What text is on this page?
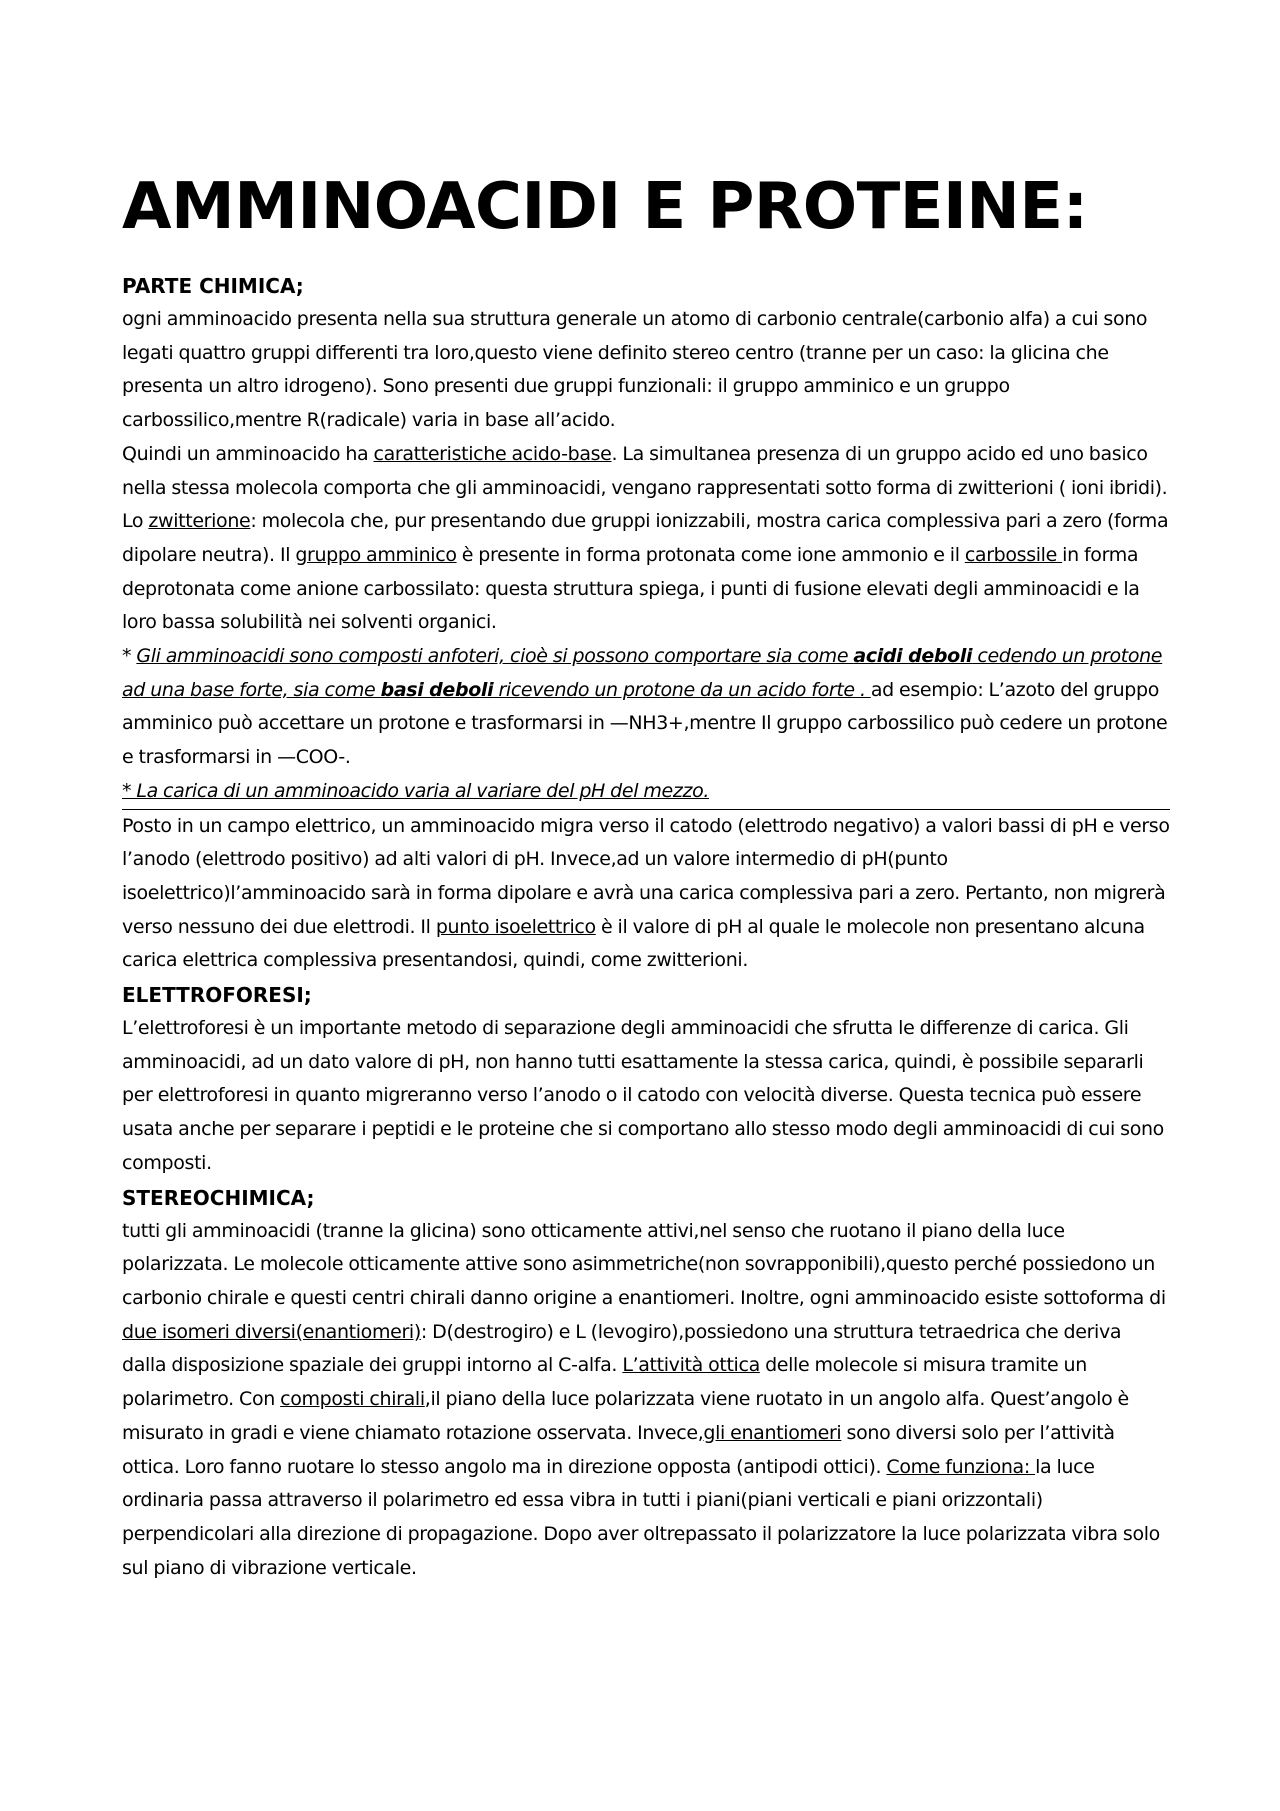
AMMINOACIDI E PROTEINE:
PARTE CHIMICA;

ogni amminoacido presenta nella sua struttura generale un atomo di carbonio centrale(carbonio alfa) a cui sono legati quattro gruppi differenti tra loro,questo viene definito stereo centro (tranne per un caso: la glicina che presenta un altro idrogeno). Sono presenti due gruppi funzionali: il gruppo amminico e un gruppo carbossilico,mentre R(radicale) varia in base all’acido.

Quindi un amminoacido ha caratteristiche acido-base. La simultanea presenza di un gruppo acido ed uno basico nella stessa molecola comporta che gli amminoacidi, vengano rappresentati sotto forma di zwitterioni ( ioni ibridi). Lo zwitterione: molecola che, pur presentando due gruppi ionizzabili, mostra carica complessiva pari a zero (forma dipolare neutra). Il gruppo amminico è presente in forma protonata come ione ammonio e il carbossile in forma deprotonata come anione carbossilato: questa struttura spiega, i punti di fusione elevati degli amminoacidi e la loro bassa solubilità nei solventi organici.

* Gli amminoacidi sono composti anfoteri, cioè si possono comportare sia come acidi deboli cedendo un protone ad una base forte, sia come basi deboli ricevendo un protone da un acido forte . ad esempio: L’azoto del gruppo amminico può accettare un protone e trasformarsi in —NH3+,mentre Il gruppo carbossilico può cedere un protone e trasformarsi in —COO-.

* La carica di un amminoacido varia al variare del pH del mezzo.

Posto in un campo elettrico, un amminoacido migra verso il catodo (elettrodo negativo) a valori bassi di pH e verso l’anodo (elettrodo positivo) ad alti valori di pH. Invece,ad un valore intermedio di pH(punto isoelettrico)l’amminoacido sarà in forma dipolare e avrà una carica complessiva pari a zero. Pertanto, non migrerà verso nessuno dei due elettrodi. Il punto isoelettrico è il valore di pH al quale le molecole non presentano alcuna carica elettrica complessiva presentandosi, quindi, come zwitterioni.

ELETTROFORESI;

L’elettroforesi è un importante metodo di separazione degli amminoacidi che sfrutta le differenze di carica. Gli amminoacidi, ad un dato valore di pH, non hanno tutti esattamente la stessa carica, quindi, è possibile separarli per elettroforesi in quanto migreranno verso l’anodo o il catodo con velocità diverse. Questa tecnica può essere usata anche per separare i peptidi e le proteine che si comportano allo stesso modo degli amminoacidi di cui sono composti.

STEREOCHIMICA;

tutti gli amminoacidi (tranne la glicina) sono otticamente attivi,nel senso che ruotano il piano della luce polarizzata. Le molecole otticamente attive sono asimmetriche(non sovrapponibili),questo perché possiedono un carbonio chirale e questi centri chirali danno origine a enantiomeri. Inoltre, ogni amminoacido esiste sottoforma di due isomeri diversi(enantiomeri): D(destrogiro) e L (levogiro),possiedono una struttura tetraedrica che deriva dalla disposizione spaziale dei gruppi intorno al C-alfa. L’attività ottica delle molecole si misura tramite un polarimetro. Con composti chirali,il piano della luce polarizzata viene ruotato in un angolo alfa. Quest’angolo è misurato in gradi e viene chiamato rotazione osservata. Invece,gli enantiomeri sono diversi solo per l’attività ottica. Loro fanno ruotare lo stesso angolo ma in direzione opposta (antipodi ottici). Come funziona: la luce ordinaria passa attraverso il polarimetro ed essa vibra in tutti i piani(piani verticali e piani orizzontali) perpendicolari alla direzione di propagazione. Dopo aver oltrepassato il polarizzatore la luce polarizzata vibra solo sul piano di vibrazione verticale.
